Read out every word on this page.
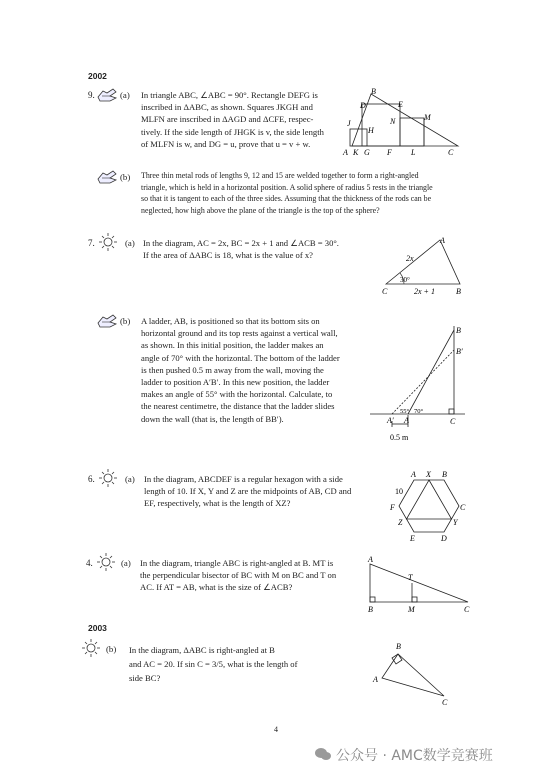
2002
9.	(a) In triangle ABC, ∠ABC = 90°. Rectangle DEFG is
inscribed in ΔABC, as shown. Squares JKGH and
MLFN are inscribed in ΔAGD and ΔCFE, respec-
tively. If the side length of JHGK is v, the side length
of MLFN is w, and DG = u, prove that u = v + w.
B
D	E
M
N
J
H
A K G F L	C
(b) Three thin metal rods of lengths 9, 12 and 15 are welded together to form a right-angled
triangle, which is held in a horizontal position. A solid sphere of radius 5 rests in the triangle
so that it is tangent to each of the three sides. Assuming that the thickness of the rods can be
neglected, how high above the plane of the triangle is the top of the sphere?
7.	(a) In the diagram, AC = 2x, BC = 2x + 1 and ∠ACB = 30°.
If the area of ΔABC is 18, what is the value of x?
A
2x
30°
C	2x + 1	B
(b) A ladder, AB, is positioned so that its bottom sits on
horizontal ground and its top rests against a vertical wall,
as shown. In this initial position, the ladder makes an
angle of 70° with the horizontal. The bottom of the ladder
is then pushed 0.5 m away from the wall, moving the
ladder to position A′B′. In this new position, the ladder
makes an angle of 55° with the horizontal. Calculate, to
the nearest centimetre, the distance that the ladder slides
down the wall (that is, the length of BB′).
B
B′
55° 70°
A′ A	C
0.5 m
6.	(a) In the diagram, ABCDEF is a regular hexagon with a side
length of 10. If X, Y and Z are the midpoints of AB, CD and
EF, respectively, what is the length of XZ?
A X B
10
F	C
Z	Y
E	D
4.	(a) In the diagram, triangle ABC is right-angled at B. MT is
the perpendicular bisector of BC with M on BC and T on
AC. If AT = AB, what is the size of ∠ACB?
A
T
B	M	C
2003
(b) In the diagram, ΔABC is right-angled at B
and AC = 20. If sin C = 3/5, what is the length of
side BC?
B
A
C
4
公众号 · AMC数学竞赛班
